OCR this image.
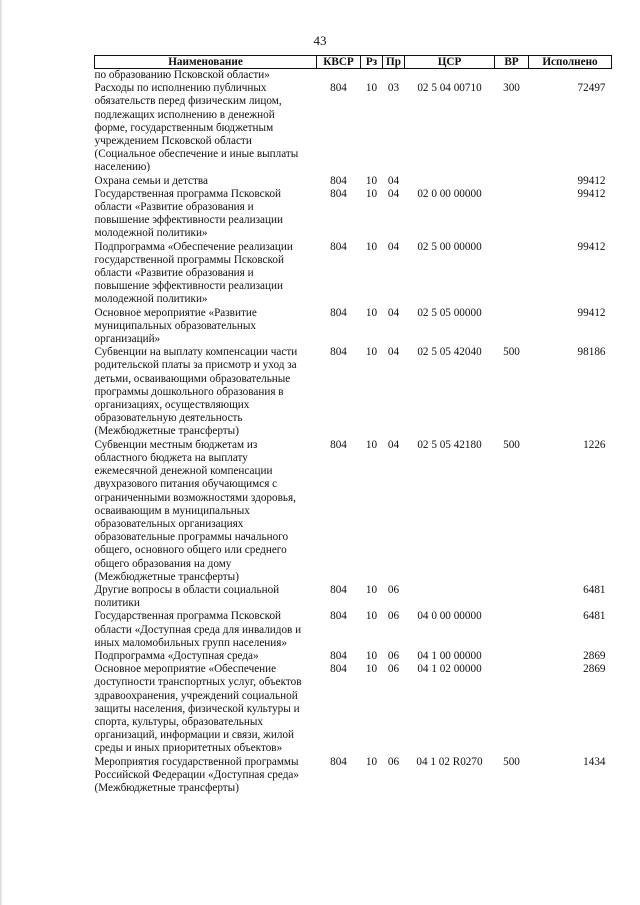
43
Наименование	КВСР	Рз	Пр	ЦСР	ВР	Исполнено
по образованию Псковской области»						
Расходы по исполнению публичных обязательств перед физическим лицом, подлежащих исполнению в денежной форме, государственным бюджетным учреждением Псковской области (Социальное обеспечение и иные выплаты населению)	804	10	03	02 5 04 00710	300	72497
Охрана семьи и детства	804	10	04			99412
Государственная программа Псковской области «Развитие образования и повышение эффективности реализации молодежной политики»	804	10	04	02 0 00 00000		99412
Подпрограмма «Обеспечение реализации государственной программы Псковской области «Развитие образования и повышение эффективности реализации молодежной политики»	804	10	04	02 5 00 00000		99412
Основное мероприятие «Развитие муниципальных образовательных организаций»	804	10	04	02 5 05 00000		99412
Субвенции на выплату компенсации части родительской платы за присмотр и уход за детьми, осваивающими образовательные программы дошкольного образования в организациях, осуществляющих образовательную деятельность (Межбюджетные трансферты)	804	10	04	02 5 05 42040	500	98186
Субвенции местным бюджетам из областного бюджета на выплату ежемесячной денежной компенсации двухразового питания обучающимся с ограниченными возможностями здоровья, осваивающим в муниципальных образовательных организациях образовательные программы начального общего, основного общего или среднего общего образования на дому (Межбюджетные трансферты)	804	10	04	02 5 05 42180	500	1226
Другие вопросы в области социальной политики	804	10	06			6481
Государственная программа Псковской области «Доступная среда для инвалидов и иных маломобильных групп населения»	804	10	06	04 0 00 00000		6481
Подпрограмма «Доступная среда»	804	10	06	04 1 00 00000		2869
Основное мероприятие «Обеспечение доступности транспортных услуг, объектов здравоохранения, учреждений социальной защиты населения, физической культуры и спорта, культуры, образовательных организаций, информации и связи, жилой среды и иных приоритетных объектов»	804	10	06	04 1 02 00000		2869
Мероприятия государственной программы Российской Федерации «Доступная среда» (Межбюджетные трансферты)	804	10	06	04 1 02 R0270	500	1434
